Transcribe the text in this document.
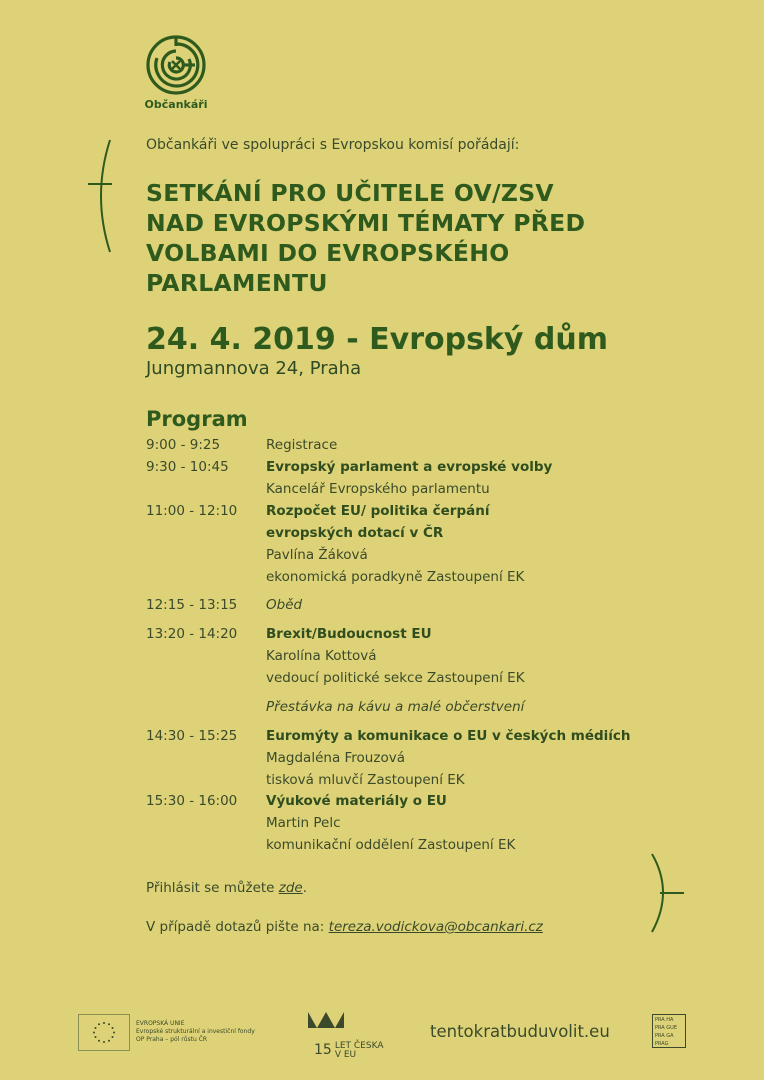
Občankáři
Občankáři ve spolupráci s Evropskou komisí pořádají:
SETKÁNÍ PRO UČITELE OV/ZSV
NAD EVROPSKÝMI TÉMATY PŘED
VOLBAMI DO EVROPSKÉHO
PARLAMENTU
24. 4. 2019 - Evropský dům
Jungmannova 24, Praha
Program
9:00 - 9:25	Registrace
9:30 - 10:45	Evropský parlament a evropské volby
Kancelář Evropského parlamentu
11:00 - 12:10	Rozpočet EU/ politika čerpání
evropských dotací v ČR
Pavlína Žáková
ekonomická poradkyně Zastoupení EK
12:15 - 13:15	Oběd
13:20 - 14:20	Brexit/Budoucnost EU
Karolína Kottová
vedoucí politické sekce Zastoupení EK
Přestávka na kávu a malé občerstvení
14:30 - 15:25	Euromýty a komunikace o EU v českých médiích
Magdaléna Frouzová
tisková mluvčí Zastoupení EK
15:30 - 16:00	Výukové materiály o EU
Martin Pelc
komunikační oddělení Zastoupení EK
Přihlásit se můžete zde.
V případě dotazů pište na: tereza.vodickova@obcankari.cz
EVROPSKÁ UNIE
Evropské strukturální a investiční fondy
OP Praha – pól růstu ČR
15 LET ČESKA
V EU
tentokratbuduvolit.eu
PRA HA
PRA GUE
PRA GA
PRAG
